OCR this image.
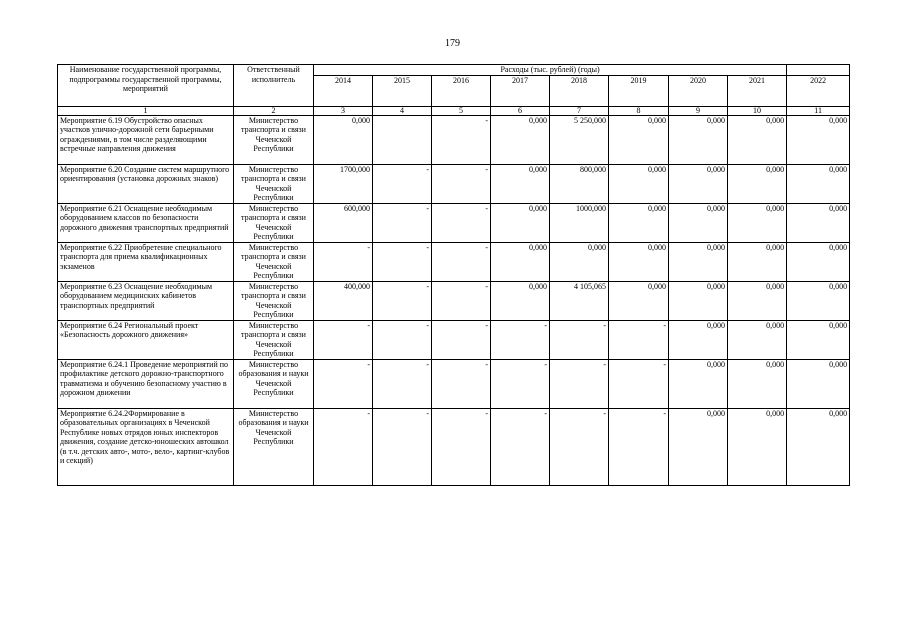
179
Наименование государственной программы, подпрограммы государственной программы, мероприятий	Ответственный исполнитель	Расходы (тыс. рублей) (годы)								
		2014	2015	2016	2017	2018	2019	2020	2021	2022
1	2	3	4	5	6	7	8	9	10	11
Мероприятие 6.19 Обустройство опасных участков улично-дорожной сети барьерными ограждениями, в том числе разделяющими встречные направления движения	Министерство транспорта и связи Чеченской Республики	0,000		-	0,000	5 250,000	0,000	0,000	0,000	0,000
Мероприятие 6.20 Создание систем маршрутного ориентирования (установка дорожных знаков)	Министерство транспорта и связи Чеченской Республики	1700,000	-	-	0,000	800,000	0,000	0,000	0,000	0,000
Мероприятие 6.21 Оснащение необходимым оборудованием классов по безопасности дорожного движения транспортных предприятий	Министерство транспорта и связи Чеченской Республики	600,000	-	-	0,000	1000,000	0,000	0,000	0,000	0,000
Мероприятие 6.22 Приобретение специального транспорта для приема квалификационных экзаменов	Министерство транспорта и связи Чеченской Республики	-	-	-	0,000	0,000	0,000	0,000	0,000	0,000
Мероприятие 6.23 Оснащение необходимым оборудованием медицинских кабинетов транспортных предприятий	Министерство транспорта и связи Чеченской Республики	400,000	-	-	0,000	4 105,065	0,000	0,000	0,000	0,000
Мероприятие 6.24 Региональный проект «Безопасность дорожного движения»	Министерство транспорта и связи Чеченской Республики	-	-	-	-	-	-	0,000	0,000	0,000
Мероприятие 6.24.1 Проведение мероприятий по профилактике детского дорожно-транспортного травматизма и обучению безопасному участию в дорожном движении	Министерство образования и науки Чеченской Республики	-	-	-	-	-	-	0,000	0,000	0,000
Мероприятие 6.24.2Формирование в образовательных организациях в Чеченской Республике новых отрядов юных инспекторов движения, создание детско-юношеских автошкол (в т.ч. детских авто-, мото-, вело-, картинг-клубов и секций)	Министерство образования и науки Чеченской Республики	-	-	-	-	-	-	0,000	0,000	0,000
